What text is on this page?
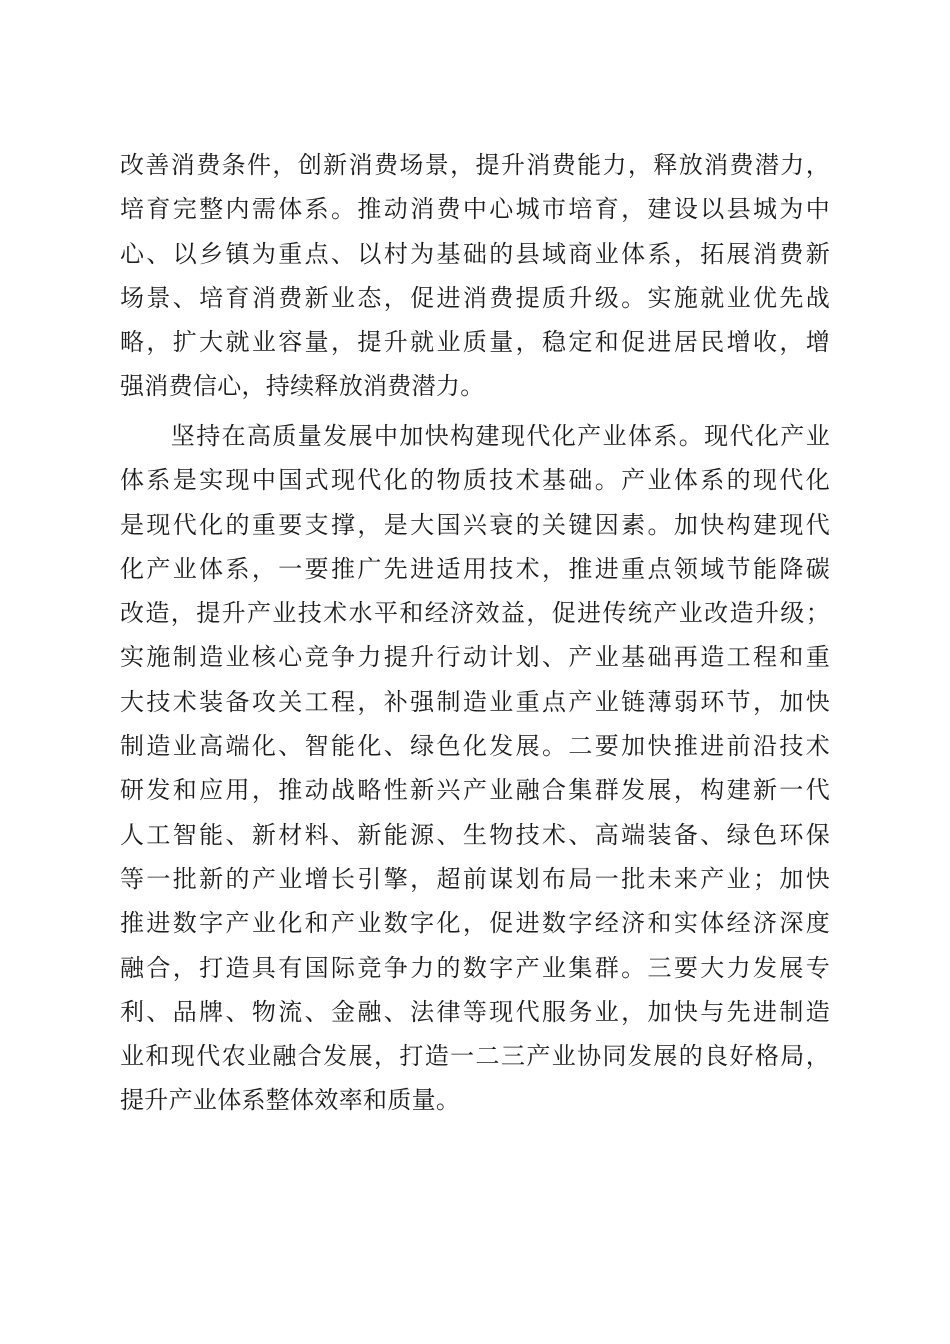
改善消费条件，创新消费场景，提升消费能力，释放消费潜力，
培育完整内需体系。推动消费中心城市培育，建设以县城为中
心、以乡镇为重点、以村为基础的县域商业体系，拓展消费新
场景、培育消费新业态，促进消费提质升级。实施就业优先战
略，扩大就业容量，提升就业质量，稳定和促进居民增收，增
强消费信心，持续释放消费潜力。
　　坚持在高质量发展中加快构建现代化产业体系。现代化产业
体系是实现中国式现代化的物质技术基础。产业体系的现代化
是现代化的重要支撑，是大国兴衰的关键因素。加快构建现代
化产业体系，一要推广先进适用技术，推进重点领域节能降碳
改造，提升产业技术水平和经济效益，促进传统产业改造升级；
实施制造业核心竞争力提升行动计划、产业基础再造工程和重
大技术装备攻关工程，补强制造业重点产业链薄弱环节，加快
制造业高端化、智能化、绿色化发展。二要加快推进前沿技术
研发和应用，推动战略性新兴产业融合集群发展，构建新一代
人工智能、新材料、新能源、生物技术、高端装备、绿色环保
等一批新的产业增长引擎，超前谋划布局一批未来产业；加快
推进数字产业化和产业数字化，促进数字经济和实体经济深度
融合，打造具有国际竞争力的数字产业集群。三要大力发展专
利、品牌、物流、金融、法律等现代服务业，加快与先进制造
业和现代农业融合发展，打造一二三产业协同发展的良好格局，
提升产业体系整体效率和质量。
